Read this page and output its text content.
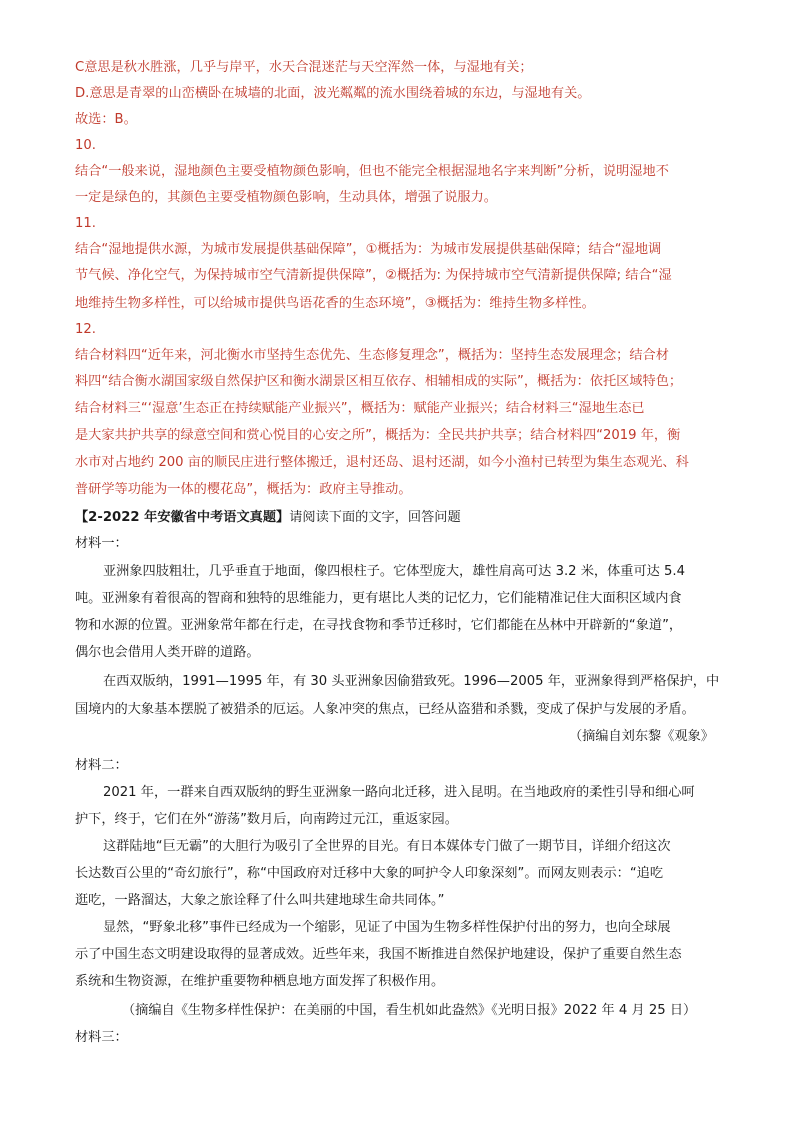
C意思是秋水胜涨，几乎与岸平，水天合混迷茫与天空浑然一体，与湿地有关；
D.意思是青翠的山峦横卧在城墙的北面，波光粼粼的流水围绕着城的东边，与湿地有关。
故选：B。
10.
结合“一般来说，湿地颜色主要受植物颜色影响，但也不能完全根据湿地名字来判断”分析，说明湿地不
一定是绿色的，其颜色主要受植物颜色影响，生动具体，增强了说服力。
11.
结合“湿地提供水源，为城市发展提供基础保障”，①概括为：为城市发展提供基础保障；结合“湿地调
节气候、净化空气，为保持城市空气清新提供保障”，②概括为: 为保持城市空气清新提供保障; 结合“湿
地维持生物多样性，可以给城市提供鸟语花香的生态环境”，③概括为：维持生物多样性。
12.
结合材料四“近年来，河北衡水市坚持生态优先、生态修复理念”，概括为：坚持生态发展理念；结合材
料四“结合衡水湖国家级自然保护区和衡水湖景区相互依存、相辅相成的实际”，概括为：依托区域特色；
结合材料三“‘湿意’生态正在持续赋能产业振兴”，概括为：赋能产业振兴；结合材料三“湿地生态已
是大家共护共享的绿意空间和赏心悦目的心安之所”，概括为：全民共护共享；结合材料四“2019 年，衡
水市对占地约 200 亩的顺民庄进行整体搬迁，退村还岛、退村还湖，如今小渔村已转型为集生态观光、科
普研学等功能为一体的樱花岛”，概括为：政府主导推动。
【2-2022 年安徽省中考语文真题】请阅读下面的文字，回答问题
材料一：
亚洲象四肢粗壮，几乎垂直于地面，像四根柱子。它体型庞大，雄性肩高可达 3.2 米，体重可达 5.4
吨。亚洲象有着很高的智商和独特的思维能力，更有堪比人类的记忆力，它们能精准记住大面积区域内食
物和水源的位置。亚洲象常年都在行走，在寻找食物和季节迁移时，它们都能在丛林中开辟新的“象道”，
偶尔也会借用人类开辟的道路。
在西双版纳，1991—1995 年，有 30 头亚洲象因偷猎致死。1996—2005 年，亚洲象得到严格保护，中
国境内的大象基本摆脱了被猎杀的厄运。人象冲突的焦点，已经从盗猎和杀戮，变成了保护与发展的矛盾。
（摘编自刘东黎《观象》
材料二：
2021 年，一群来自西双版纳的野生亚洲象一路向北迁移，进入昆明。在当地政府的柔性引导和细心呵
护下，终于，它们在外“游荡”数月后，向南跨过元江，重返家园。
这群陆地“巨无霸”的大胆行为吸引了全世界的目光。有日本媒体专门做了一期节目，详细介绍这次
长达数百公里的“奇幻旅行”，称“中国政府对迁移中大象的呵护令人印象深刻”。而网友则表示：“追吃
逛吃，一路溜达，大象之旅诠释了什么叫共建地球生命共同体。”
显然，“野象北移”事件已经成为一个缩影，见证了中国为生物多样性保护付出的努力，也向全球展
示了中国生态文明建设取得的显著成效。近些年来，我国不断推进自然保护地建设，保护了重要自然生态
系统和生物资源，在维护重要物种栖息地方面发挥了积极作用。
（摘编自《生物多样性保护：在美丽的中国，看生机如此盎然》《光明日报》2022 年 4 月 25 日）
材料三：
